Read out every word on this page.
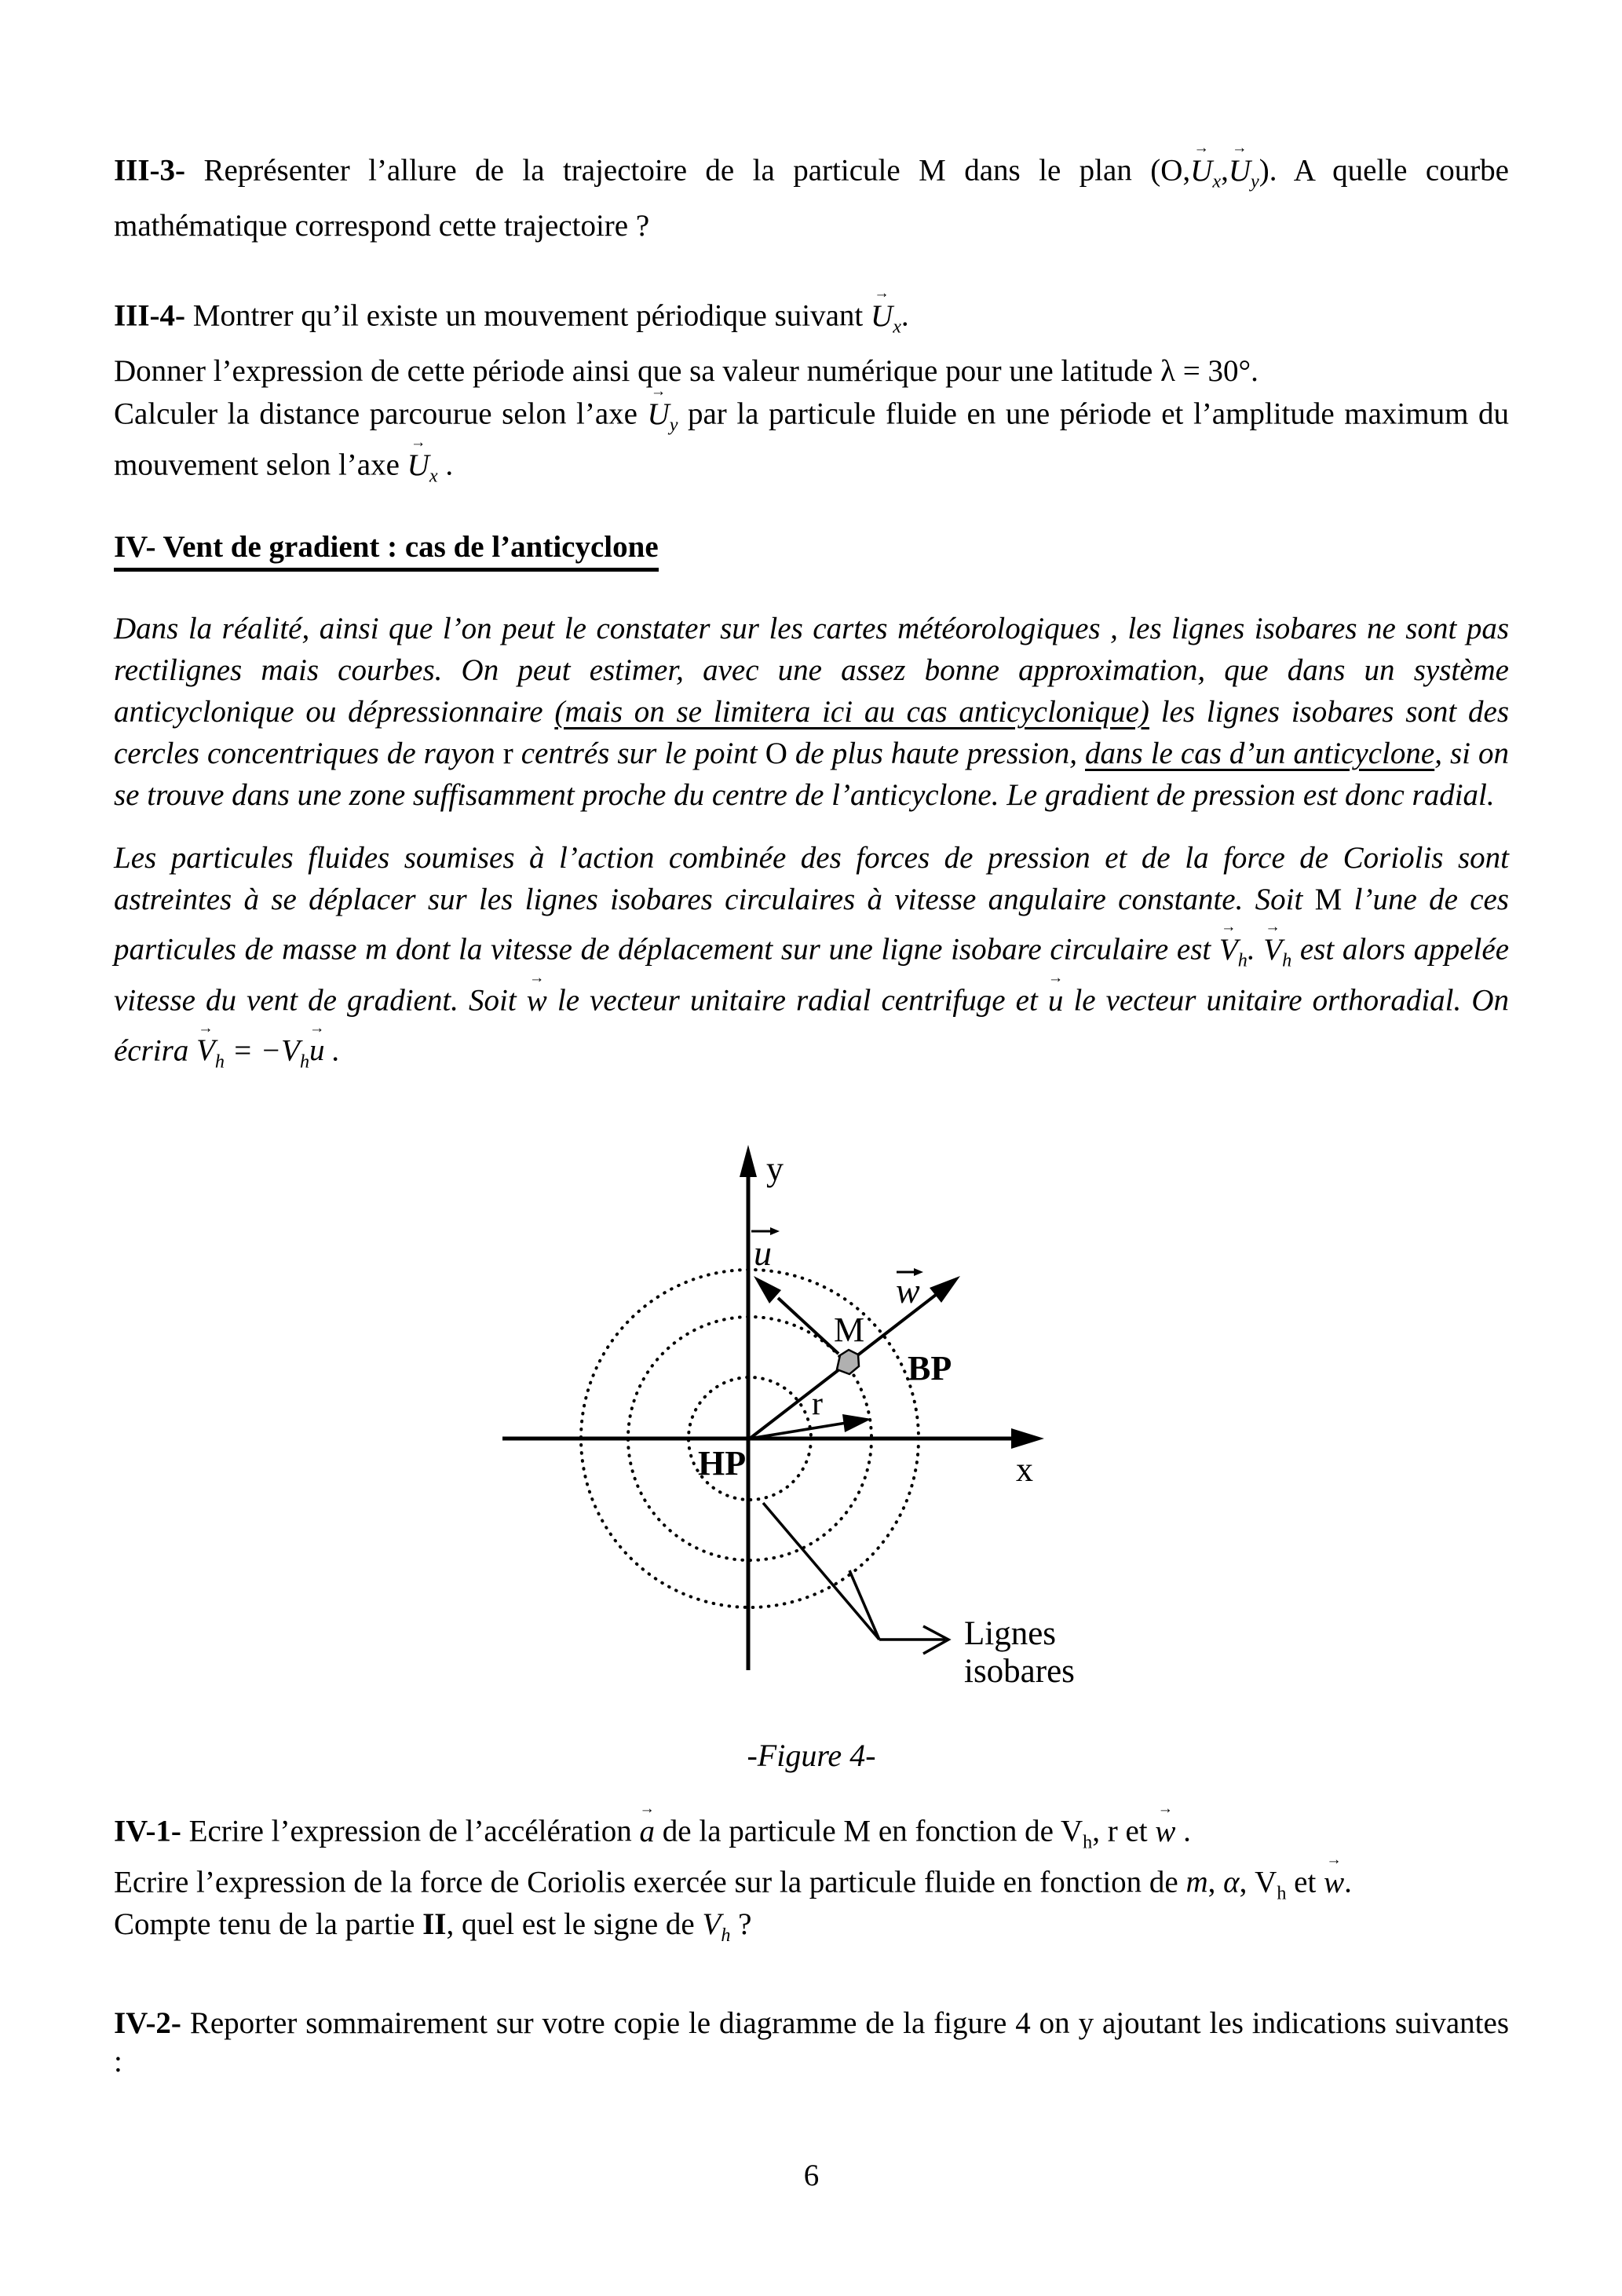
III-3- Représenter l’allure de la trajectoire de la particule M dans le plan (O,
→
U $_x$,
→
U $_y$). A quelle courbe mathématique correspond cette trajectoire ?
III-4- Montrer qu’il existe un mouvement périodique suivant
→
U $_x$.
Donner l’expression de cette période ainsi que sa valeur numérique pour une latitude λ = 30°.
Calculer la distance parcourue selon l’axe
→
U $_y$ par la particule fluide en une période et l’amplitude maximum du mouvement selon l’axe
→
U $_x$ .
IV- Vent de gradient : cas de l’anticyclone
Dans la réalité, ainsi que l’on peut le constater sur les cartes météorologiques , les lignes isobares ne sont pas rectilignes mais courbes. On peut estimer, avec une assez bonne approximation, que dans un système anticyclonique ou dépressionnaire (mais on se limitera ici au cas anticyclonique) les lignes isobares sont des cercles concentriques de rayon r centrés sur le point O de plus haute pression, dans le cas d’un anticyclone, si on se trouve dans une zone suffisamment proche du centre de l’anticyclone. Le gradient de pression est donc radial.
Les particules fluides soumises à l’action combinée des forces de pression et de la force de Coriolis sont astreintes à se déplacer sur les lignes isobares circulaires à vitesse angulaire constante. Soit M l’une de ces particules de masse m dont la vitesse de déplacement sur une ligne isobare circulaire est
→
V $_h$.
→
V $_h$ est alors appelée vitesse du vent de gradient. Soit
→
w le vecteur unitaire radial centrifuge et
→
u le vecteur unitaire orthoradial. On écrira
→
V $_h = -V_h$
→
u .
y
x
u
w
M
BP
HP
r
Lignes
isobares
-Figure 4-
IV-1- Ecrire l’expression de l’accélération
→
a de la particule M en fonction de $V_h$, r et
→
w .
Ecrire l’expression de la force de Coriolis exercée sur la particule fluide en fonction de m, α, $V_h$ et
→
w .
Compte tenu de la partie II, quel est le signe de $V_h$ ?
IV-2- Reporter sommairement sur votre copie le diagramme de la figure 4 on y ajoutant les indications suivantes :
6
